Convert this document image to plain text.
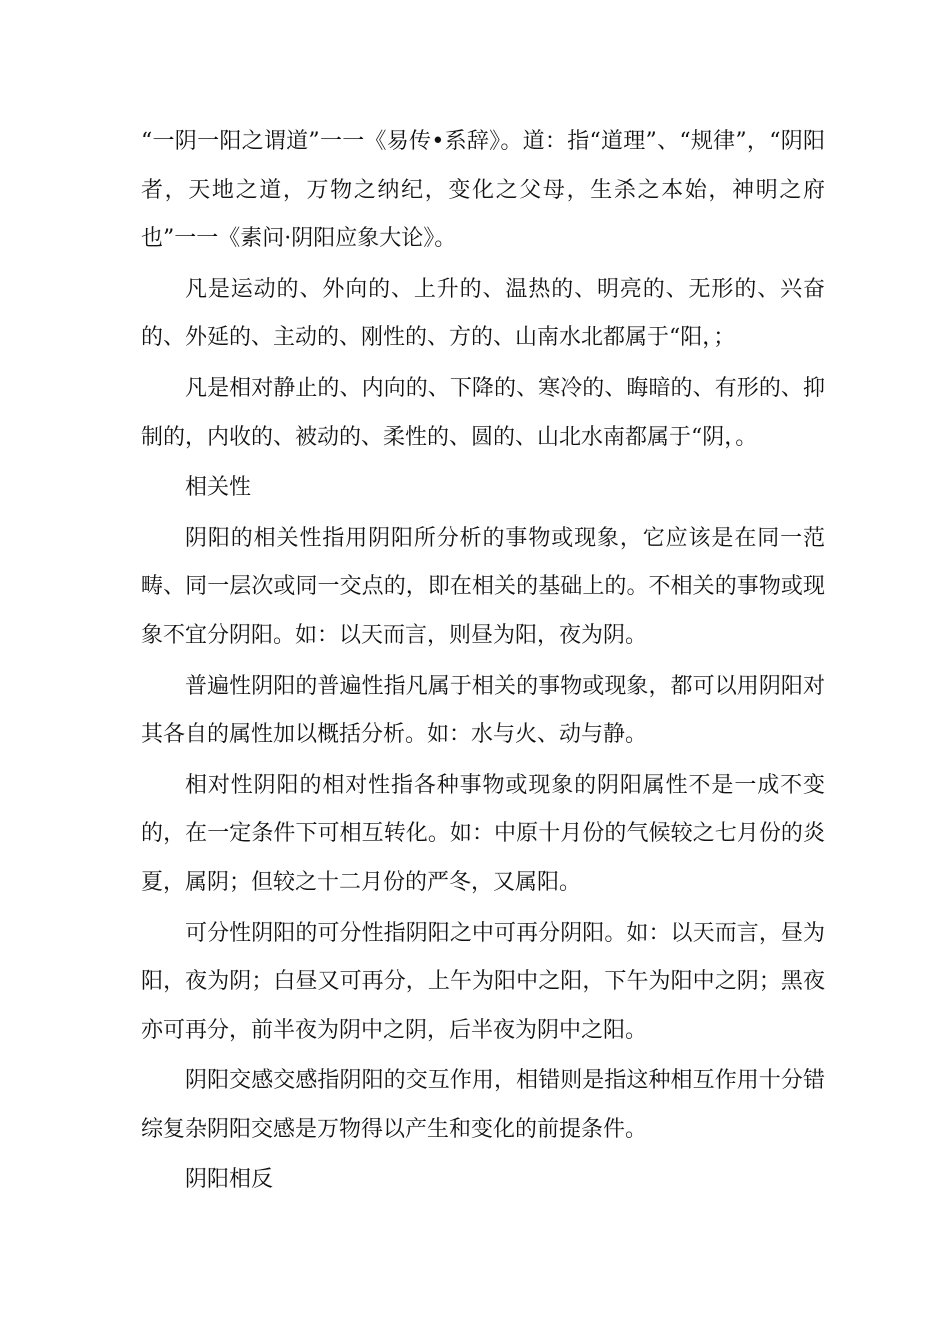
“一阴一阳之谓道”一一《易传•系辞》。道：指“道理”、“规律”，“阴阳者，天地之道，万物之纳纪，变化之父母，生杀之本始，神明之府也”一一《素问·阴阳应象大论》。

凡是运动的、外向的、上升的、温热的、明亮的、无形的、兴奋的、外延的、主动的、刚性的、方的、山南水北都属于“阳，；

凡是相对静止的、内向的、下降的、寒冷的、晦暗的、有形的、抑制的，内收的、被动的、柔性的、圆的、山北水南都属于“阴，。

相关性

阴阳的相关性指用阴阳所分析的事物或现象，它应该是在同一范畴、同一层次或同一交点的，即在相关的基础上的。不相关的事物或现象不宜分阴阳。如：以天而言，则昼为阳，夜为阴。

普遍性阴阳的普遍性指凡属于相关的事物或现象，都可以用阴阳对其各自的属性加以概括分析。如：水与火、动与静。

相对性阴阳的相对性指各种事物或现象的阴阳属性不是一成不变的，在一定条件下可相互转化。如：中原十月份的气候较之七月份的炎夏，属阴；但较之十二月份的严冬，又属阳。

可分性阴阳的可分性指阴阳之中可再分阴阳。如：以天而言，昼为阳，夜为阴；白昼又可再分，上午为阳中之阳，下午为阳中之阴；黑夜亦可再分，前半夜为阴中之阴，后半夜为阴中之阳。

阴阳交感交感指阴阳的交互作用，相错则是指这种相互作用十分错综复杂阴阳交感是万物得以产生和变化的前提条件。

阴阳相反
